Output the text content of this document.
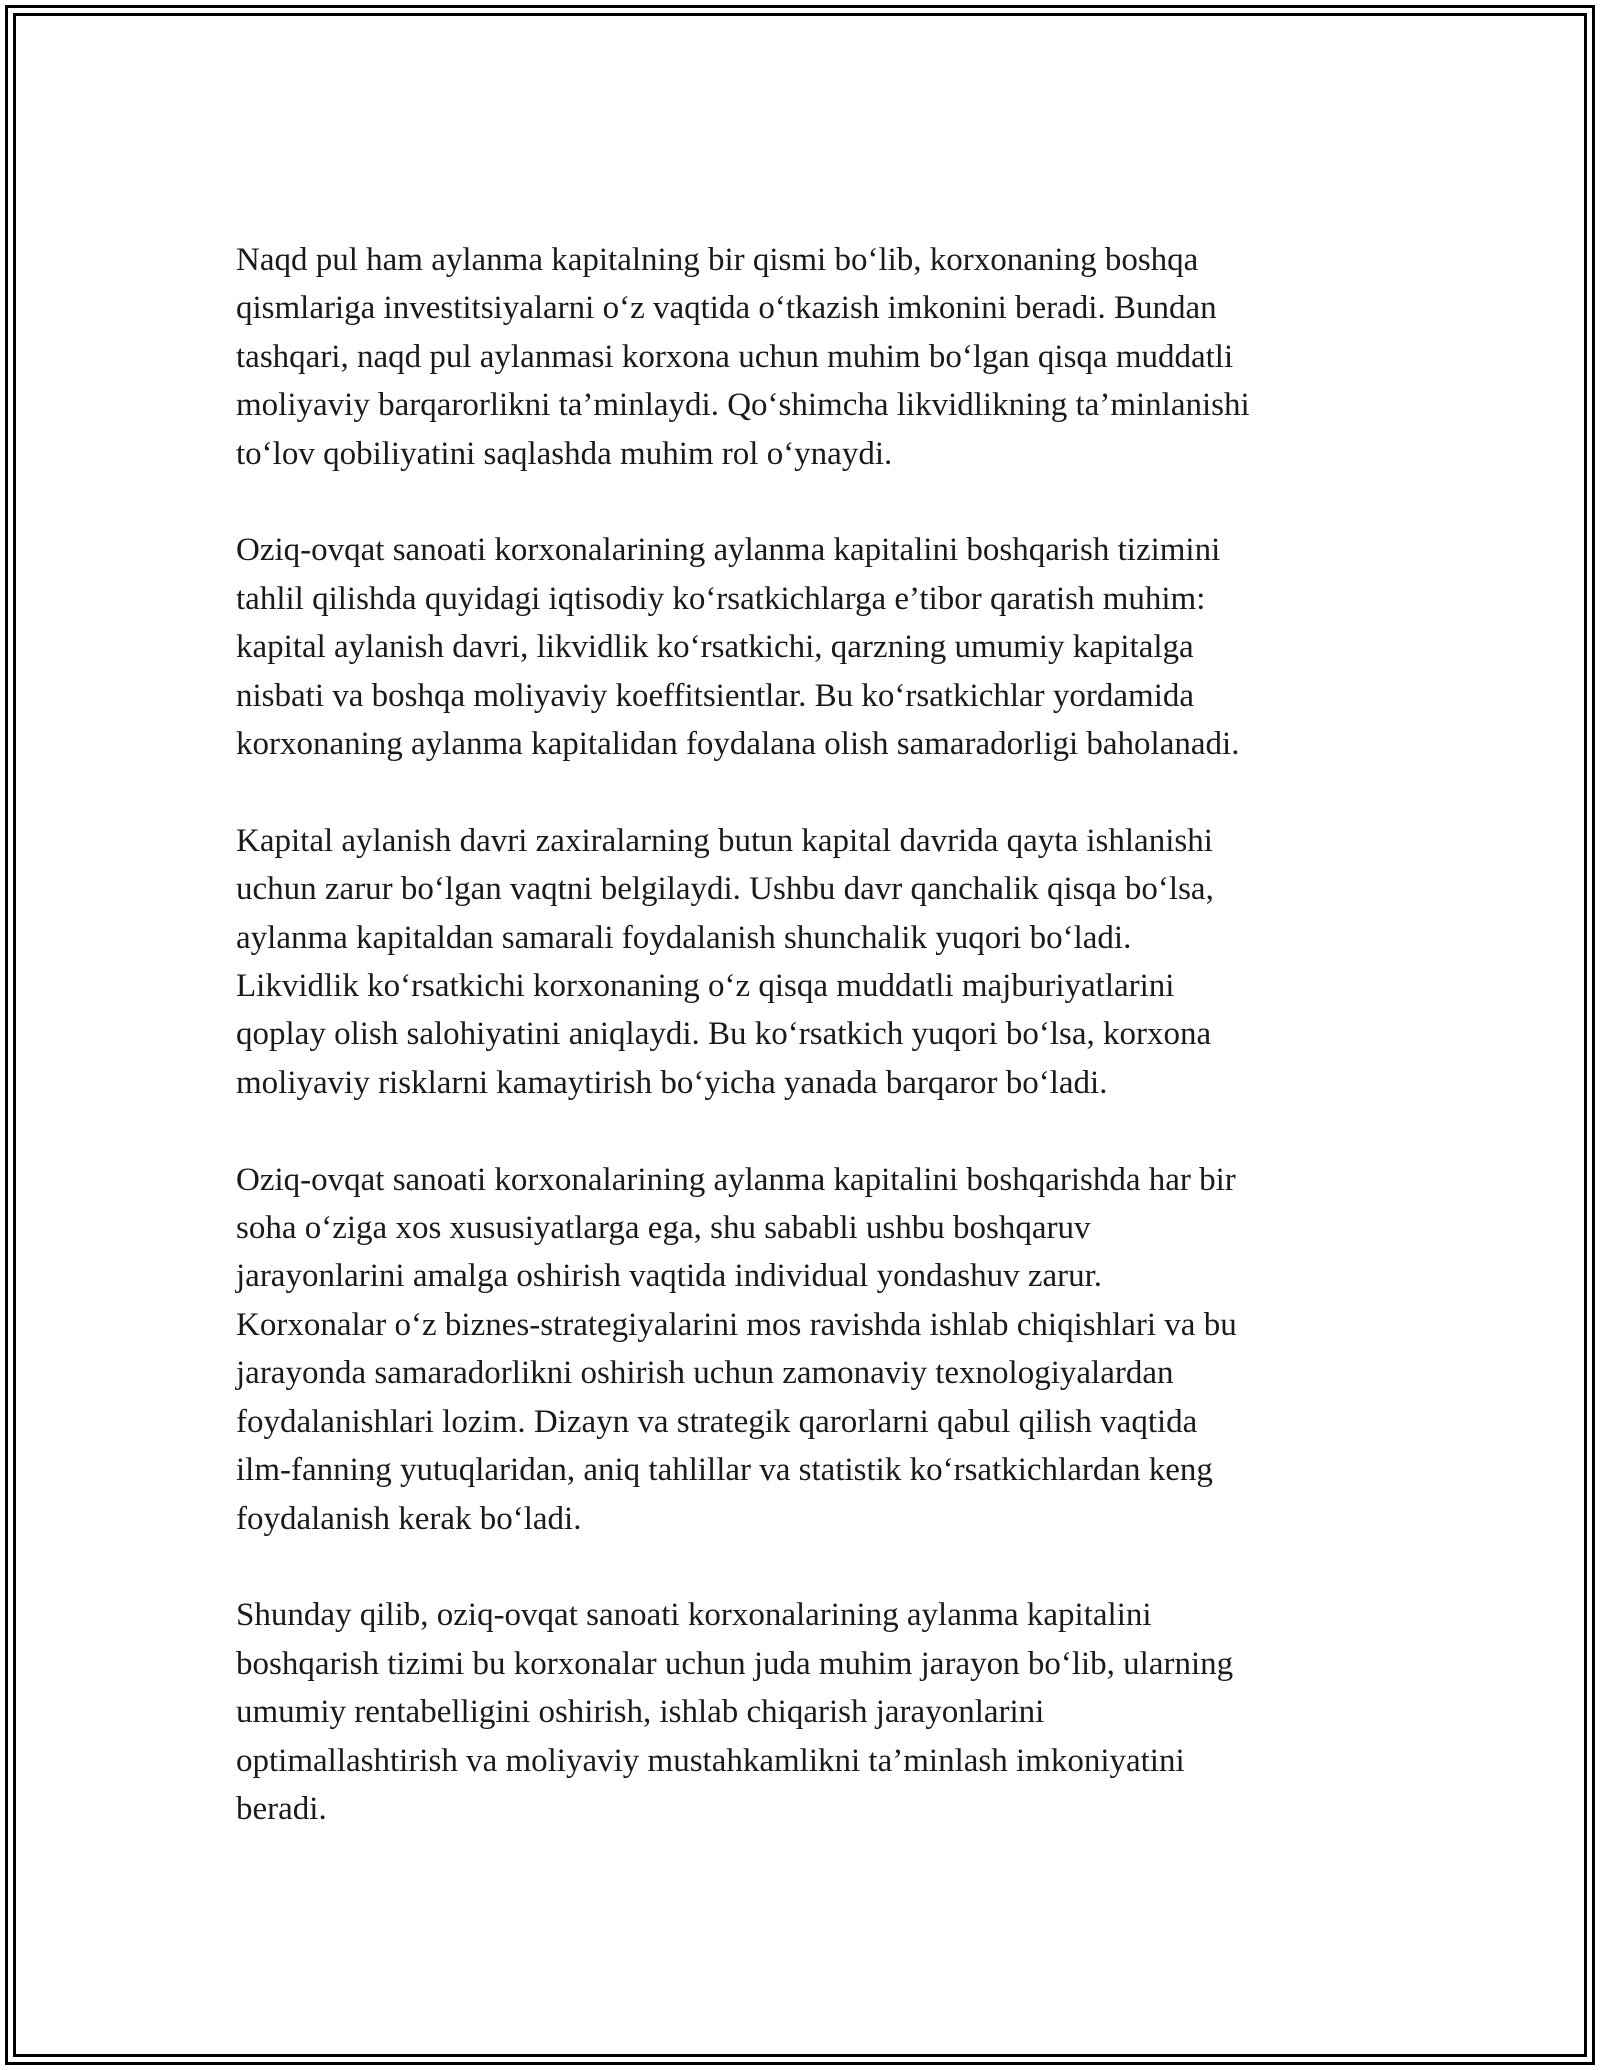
Naqd pul ham aylanma kapitalning bir qismi bo‘lib, korxonaning boshqa
qismlariga investitsiyalarni o‘z vaqtida o‘tkazish imkonini beradi. Bundan
tashqari, naqd pul aylanmasi korxona uchun muhim bo‘lgan qisqa muddatli
moliyaviy barqarorlikni ta’minlaydi. Qo‘shimcha likvidlikning ta’minlanishi
to‘lov qobiliyatini saqlashda muhim rol o‘ynaydi.

Oziq-ovqat sanoati korxonalarining aylanma kapitalini boshqarish tizimini
tahlil qilishda quyidagi iqtisodiy ko‘rsatkichlarga e’tibor qaratish muhim:
kapital aylanish davri, likvidlik ko‘rsatkichi, qarzning umumiy kapitalga
nisbati va boshqa moliyaviy koeffitsientlar. Bu ko‘rsatkichlar yordamida
korxonaning aylanma kapitalidan foydalana olish samaradorligi baholanadi.

Kapital aylanish davri zaxiralarning butun kapital davrida qayta ishlanishi
uchun zarur bo‘lgan vaqtni belgilaydi. Ushbu davr qanchalik qisqa bo‘lsa,
aylanma kapitaldan samarali foydalanish shunchalik yuqori bo‘ladi.
Likvidlik ko‘rsatkichi korxonaning o‘z qisqa muddatli majburiyatlarini
qoplay olish salohiyatini aniqlaydi. Bu ko‘rsatkich yuqori bo‘lsa, korxona
moliyaviy risklarni kamaytirish bo‘yicha yanada barqaror bo‘ladi.

Oziq-ovqat sanoati korxonalarining aylanma kapitalini boshqarishda har bir
soha o‘ziga xos xususiyatlarga ega, shu sababli ushbu boshqaruv
jarayonlarini amalga oshirish vaqtida individual yondashuv zarur.
Korxonalar o‘z biznes-strategiyalarini mos ravishda ishlab chiqishlari va bu
jarayonda samaradorlikni oshirish uchun zamonaviy texnologiyalardan
foydalanishlari lozim. Dizayn va strategik qarorlarni qabul qilish vaqtida
ilm-fanning yutuqlaridan, aniq tahlillar va statistik ko‘rsatkichlardan keng
foydalanish kerak bo‘ladi.

Shunday qilib, oziq-ovqat sanoati korxonalarining aylanma kapitalini
boshqarish tizimi bu korxonalar uchun juda muhim jarayon bo‘lib, ularning
umumiy rentabelligini oshirish, ishlab chiqarish jarayonlarini
optimallashtirish va moliyaviy mustahkamlikni ta’minlash imkoniyatini
beradi.
